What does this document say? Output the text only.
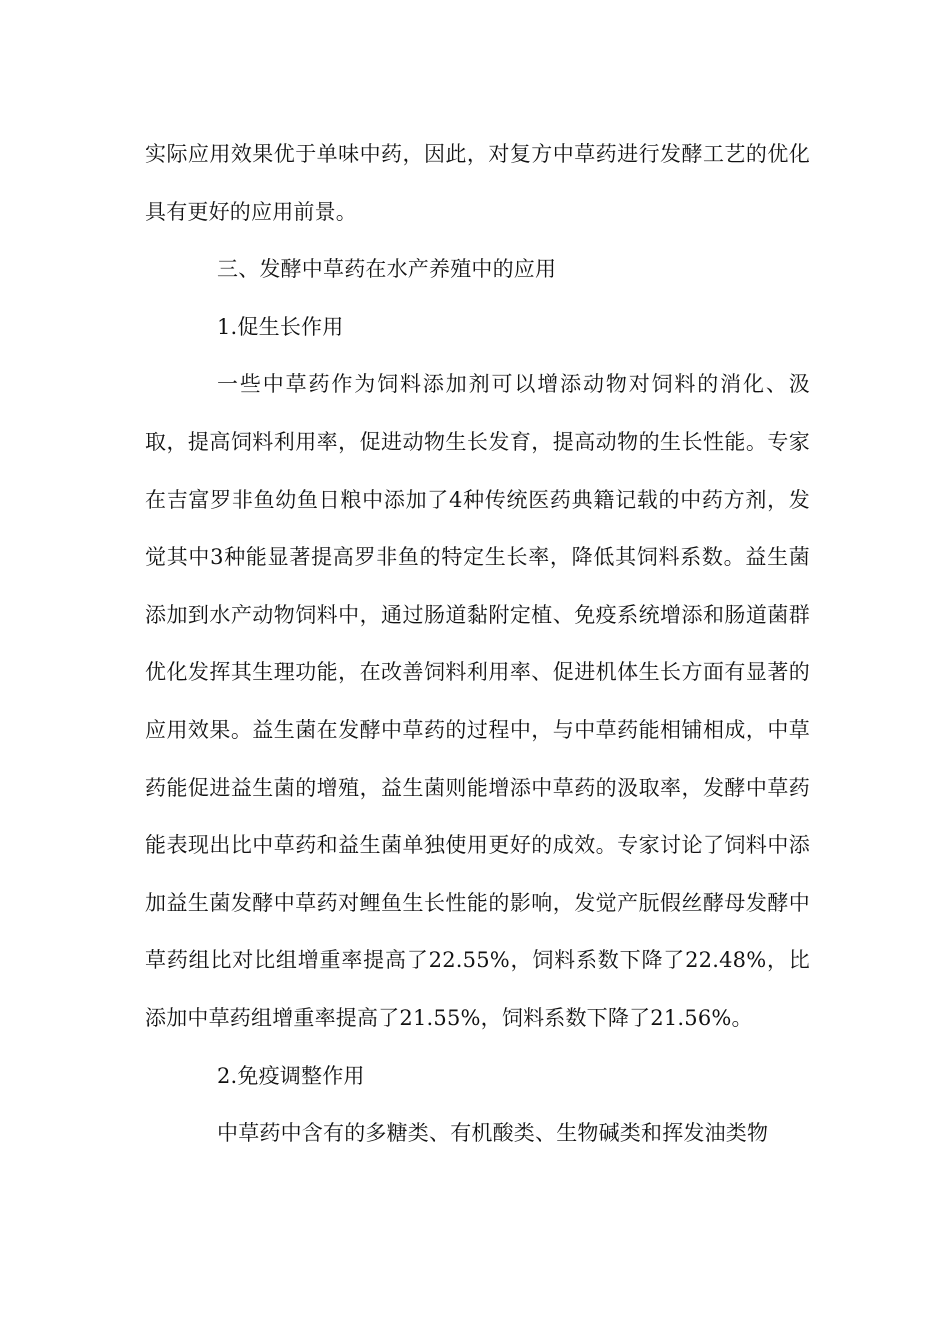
实际应用效果优于单味中药，因此，对复方中草药进行发酵工艺的优化具有更好的应用前景。

三、发酵中草药在水产养殖中的应用

1.促生长作用

一些中草药作为饲料添加剂可以增添动物对饲料的消化、汲取，提高饲料利用率，促进动物生长发育，提高动物的生长性能。专家在吉富罗非鱼幼鱼日粮中添加了4种传统医药典籍记载的中药方剂，发觉其中3种能显著提高罗非鱼的特定生长率，降低其饲料系数。益生菌添加到水产动物饲料中，通过肠道黏附定植、免疫系统增添和肠道菌群优化发挥其生理功能，在改善饲料利用率、促进机体生长方面有显著的应用效果。益生菌在发酵中草药的过程中，与中草药能相铺相成，中草药能促进益生菌的增殖，益生菌则能增添中草药的汲取率，发酵中草药能表现出比中草药和益生菌单独使用更好的成效。专家讨论了饲料中添加益生菌发酵中草药对鲤鱼生长性能的影响，发觉产朊假丝酵母发酵中草药组比对比组增重率提高了22.55%，饲料系数下降了22.48%，比添加中草药组增重率提高了21.55%，饲料系数下降了21.56%。

2.免疫调整作用

中草药中含有的多糖类、有机酸类、生物碱类和挥发油类物
